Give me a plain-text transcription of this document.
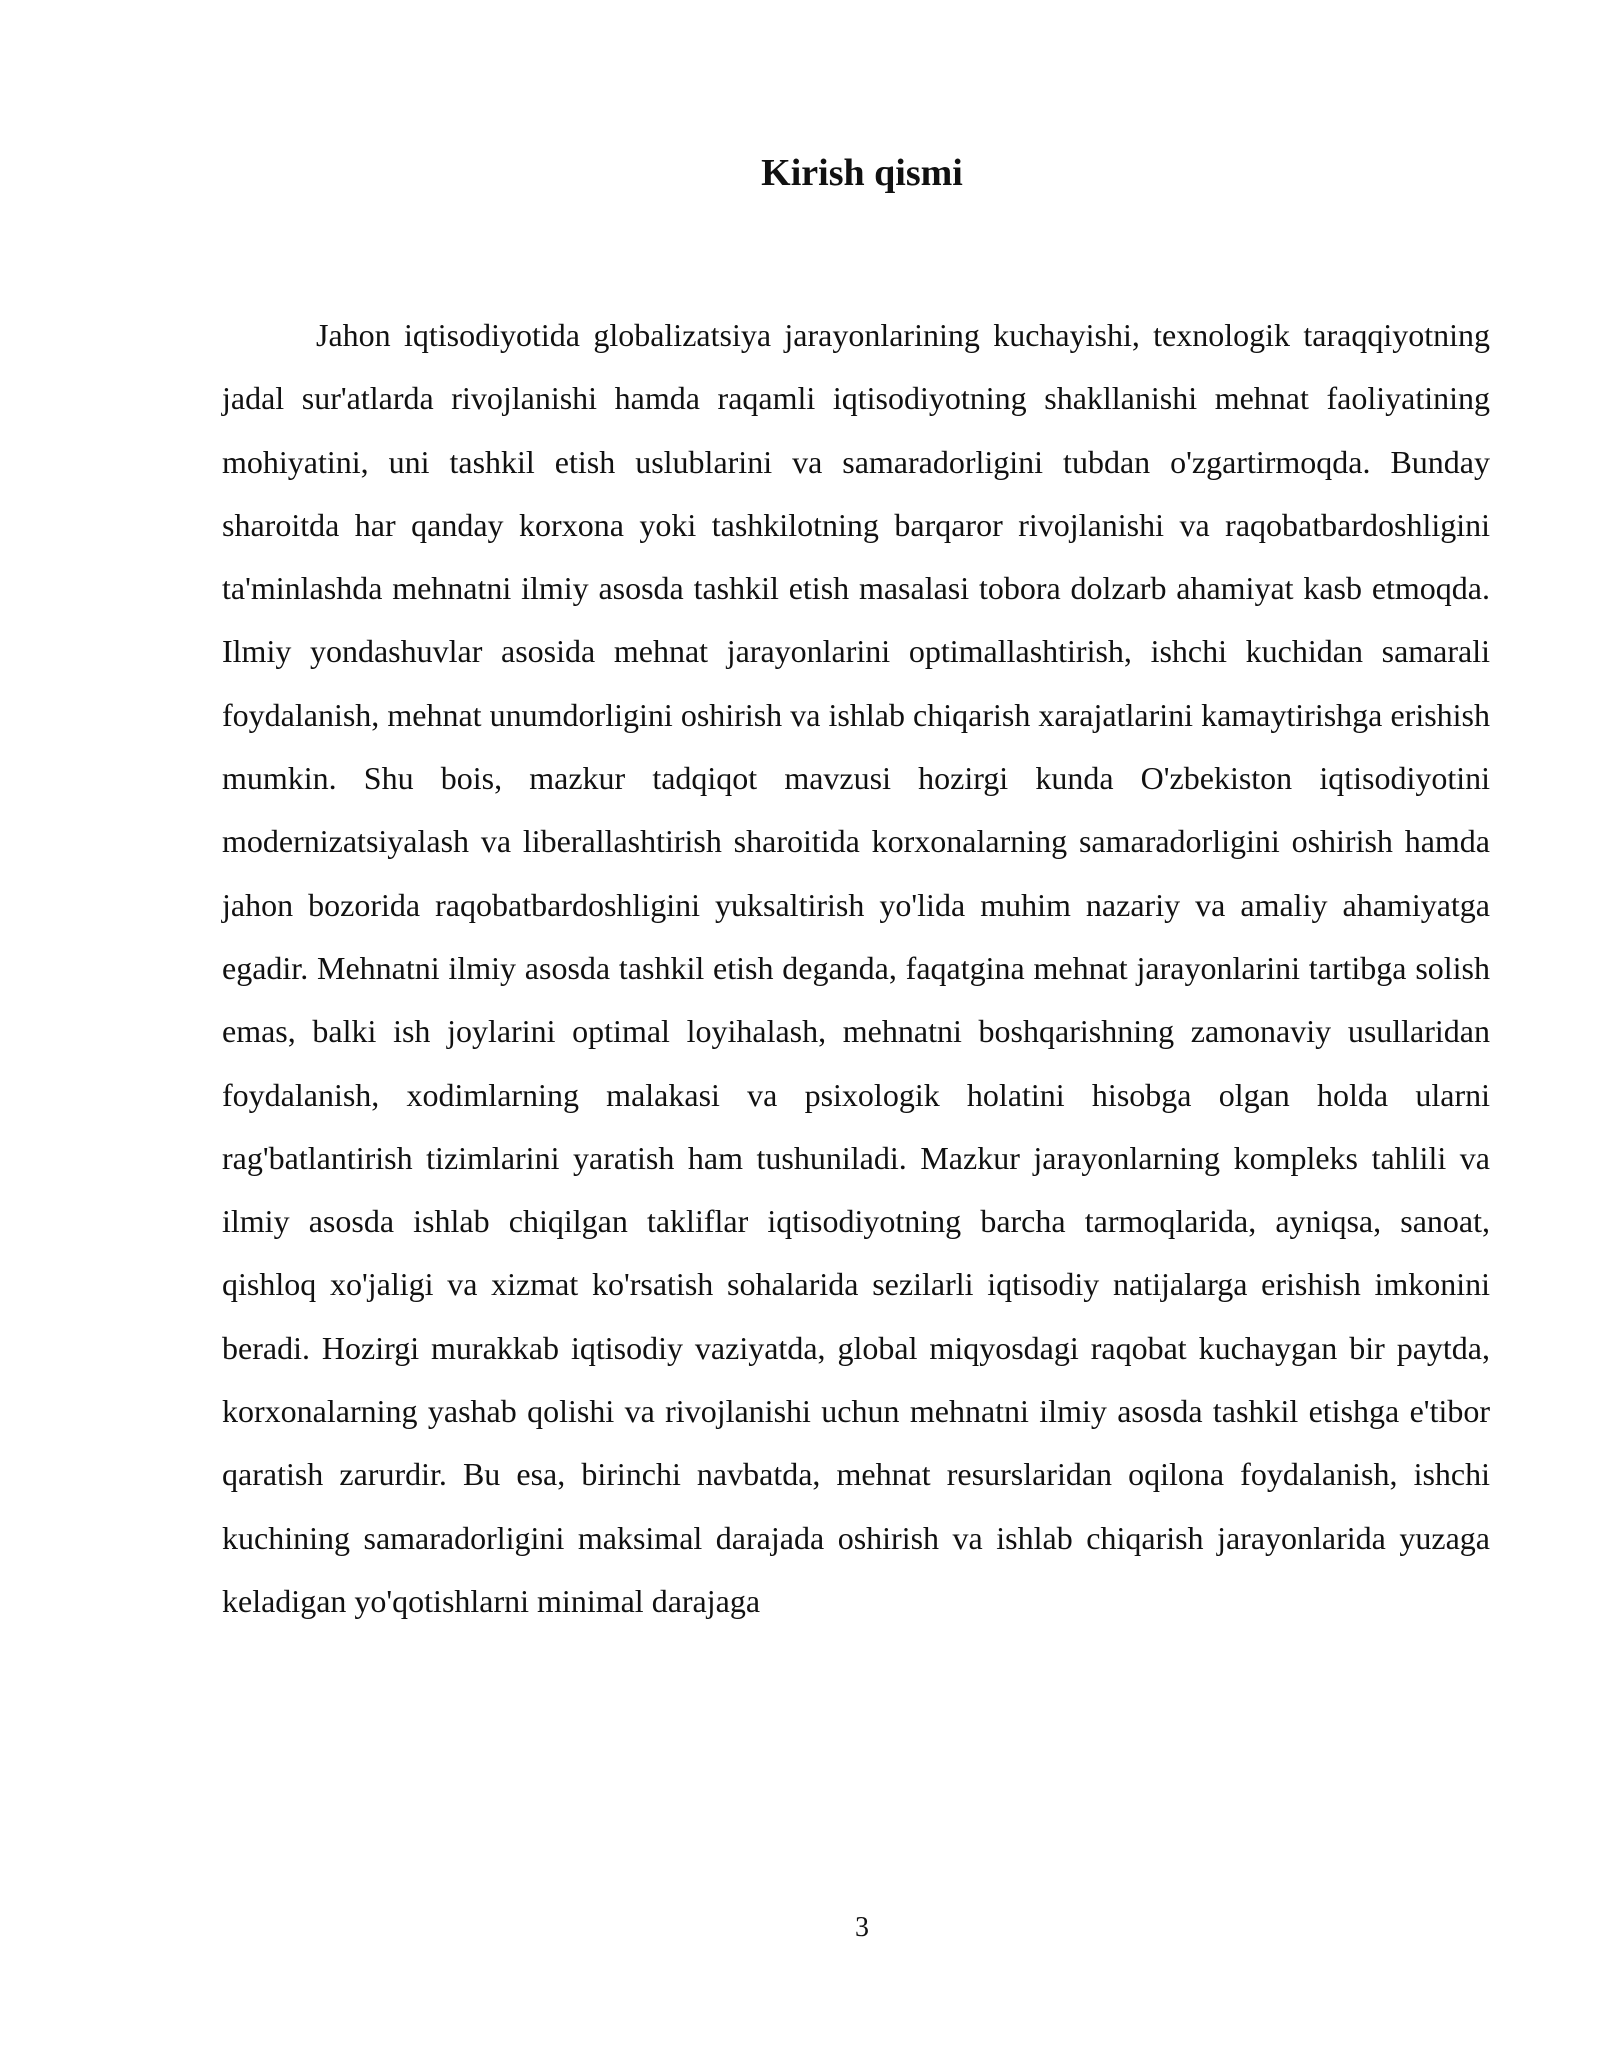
Kirish qismi

Jahon iqtisodiyotida globalizatsiya jarayonlarining kuchayishi, texnologik taraqqiyotning jadal sur'atlarda rivojlanishi hamda raqamli iqtisodiyotning shakllanishi mehnat faoliyatining mohiyatini, uni tashkil etish uslublarini va samaradorligini tubdan o'zgartirmoqda. Bunday sharoitda har qanday korxona yoki tashkilotning barqaror rivojlanishi va raqobatbardoshligini ta'minlashda mehnatni ilmiy asosda tashkil etish masalasi tobora dolzarb ahamiyat kasb etmoqda. Ilmiy yondashuvlar asosida mehnat jarayonlarini optimallashtirish, ishchi kuchidan samarali foydalanish, mehnat unumdorligini oshirish va ishlab chiqarish xarajatlarini kamaytirishga erishish mumkin. Shu bois, mazkur tadqiqot mavzusi hozirgi kunda O'zbekiston iqtisodiyotini modernizatsiyalash va liberallashtirish sharoitida korxonalarning samaradorligini oshirish hamda jahon bozorida raqobatbardoshligini yuksaltirish yo'lida muhim nazariy va amaliy ahamiyatga egadir. Mehnatni ilmiy asosda tashkil etish deganda, faqatgina mehnat jarayonlarini tartibga solish emas, balki ish joylarini optimal loyihalash, mehnatni boshqarishning zamonaviy usullaridan foydalanish, xodimlarning malakasi va psixologik holatini hisobga olgan holda ularni rag'batlantirish tizimlarini yaratish ham tushuniladi. Mazkur jarayonlarning kompleks tahlili va ilmiy asosda ishlab chiqilgan takliflar iqtisodiyotning barcha tarmoqlarida, ayniqsa, sanoat, qishloq xo'jaligi va xizmat ko'rsatish sohalarida sezilarli iqtisodiy natijalarga erishish imkonini beradi. Hozirgi murakkab iqtisodiy vaziyatda, global miqyosdagi raqobat kuchaygan bir paytda, korxonalarning yashab qolishi va rivojlanishi uchun mehnatni ilmiy asosda tashkil etishga e'tibor qaratish zarurdir. Bu esa, birinchi navbatda, mehnat resurslaridan oqilona foydalanish, ishchi kuchining samaradorligini maksimal darajada oshirish va ishlab chiqarish jarayonlarida yuzaga keladigan yo'qotishlarni minimal darajaga

3
